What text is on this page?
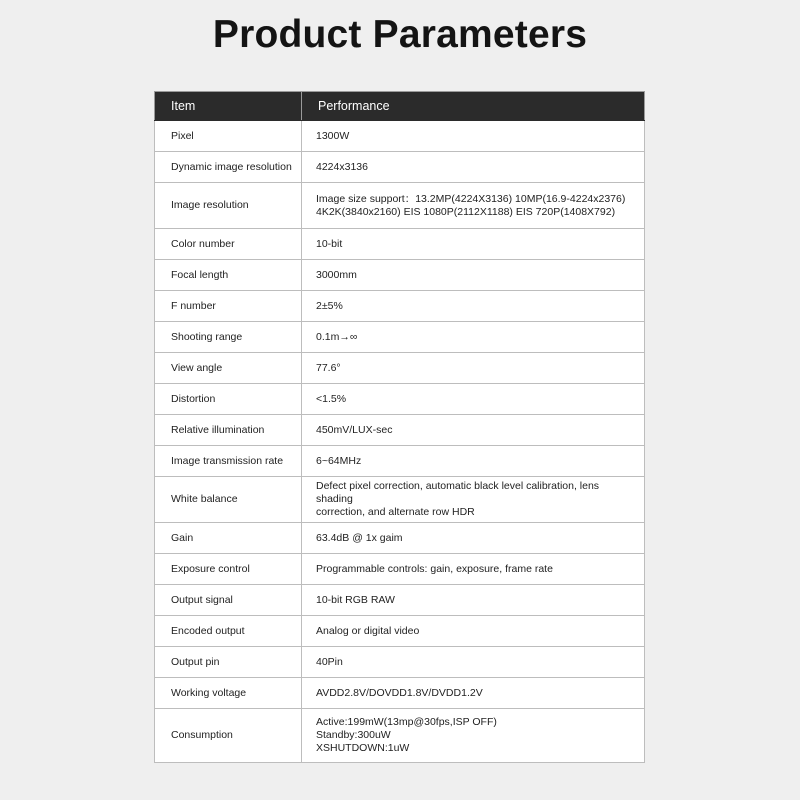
Product Parameters
Item	Performance
Pixel	1300W

Dynamic image resolution	4224x3136

Image resolution	Image size support：13.2MP(4224X3136) 10MP(16.9-4224x2376)
4K2K(3840x2160) EIS 1080P(2112X1188) EIS 720P(1408X792)

Color number	10-bit

Focal length	3000mm

F number	2±5%

Shooting range	0.1m→∞

View angle	77.6°

Distortion	<1.5%

Relative illumination	450mV/LUX-sec

Image transmission rate	6~64MHz

White balance	Defect pixel correction, automatic black level calibration, lens shading
correction, and alternate row HDR

Gain	63.4dB @ 1x gaim

Exposure control	Programmable controls: gain, exposure, frame rate

Output signal	10-bit RGB RAW

Encoded output	Analog or digital video

Output pin	40Pin

Working voltage	AVDD2.8V/DOVDD1.8V/DVDD1.2V

Consumption	Active:199mW(13mp@30fps,ISP OFF)
Standby:300uW
XSHUTDOWN:1uW
